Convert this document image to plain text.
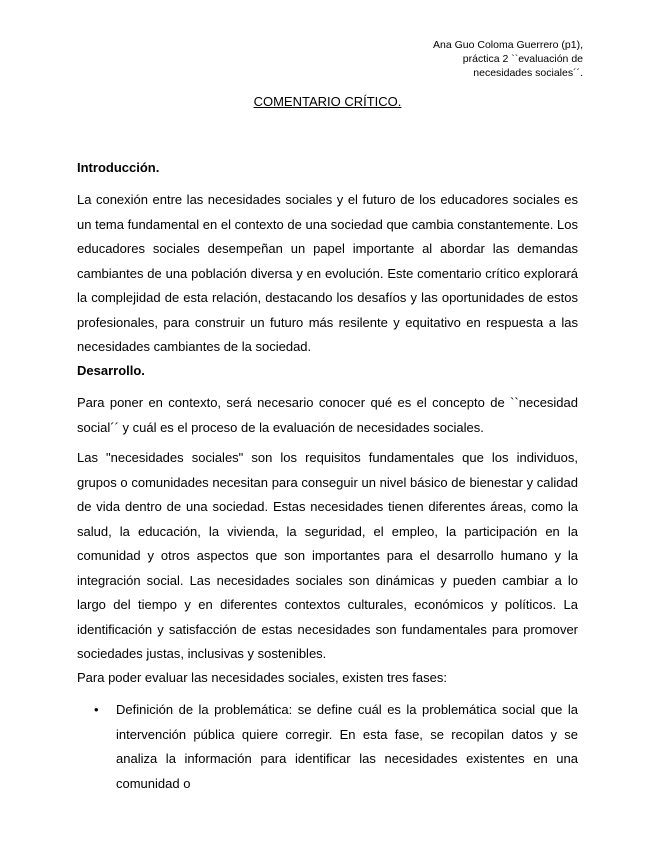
Ana Guo Coloma Guerrero (p1),
práctica 2 ``evaluación de
necesidades sociales´´.
COMENTARIO CRÍTICO.
Introducción.
La conexión entre las necesidades sociales y el futuro de los educadores sociales es un tema fundamental en el contexto de una sociedad que cambia constantemente. Los educadores sociales desempeñan un papel importante al abordar las demandas cambiantes de una población diversa y en evolución. Este comentario crítico explorará la complejidad de esta relación, destacando los desafíos y las oportunidades de estos profesionales, para construir un futuro más resilente y equitativo en respuesta a las necesidades cambiantes de la sociedad.
Desarrollo.
Para poner en contexto, será necesario conocer qué es el concepto de ``necesidad social´´ y cuál es el proceso de la evaluación de necesidades sociales.
Las "necesidades sociales" son los requisitos fundamentales que los individuos, grupos o comunidades necesitan para conseguir un nivel básico de bienestar y calidad de vida dentro de una sociedad. Estas necesidades tienen diferentes áreas, como la salud, la educación, la vivienda, la seguridad, el empleo, la participación en la comunidad y otros aspectos que son importantes para el desarrollo humano y la integración social. Las necesidades sociales son dinámicas y pueden cambiar a lo largo del tiempo y en diferentes contextos culturales, económicos y políticos. La identificación y satisfacción de estas necesidades son fundamentales para promover sociedades justas, inclusivas y sostenibles.
Para poder evaluar las necesidades sociales, existen tres fases:
• Definición de la problemática: se define cuál es la problemática social que la intervención pública quiere corregir. En esta fase, se recopilan datos y se analiza la información para identificar las necesidades existentes en una comunidad o
